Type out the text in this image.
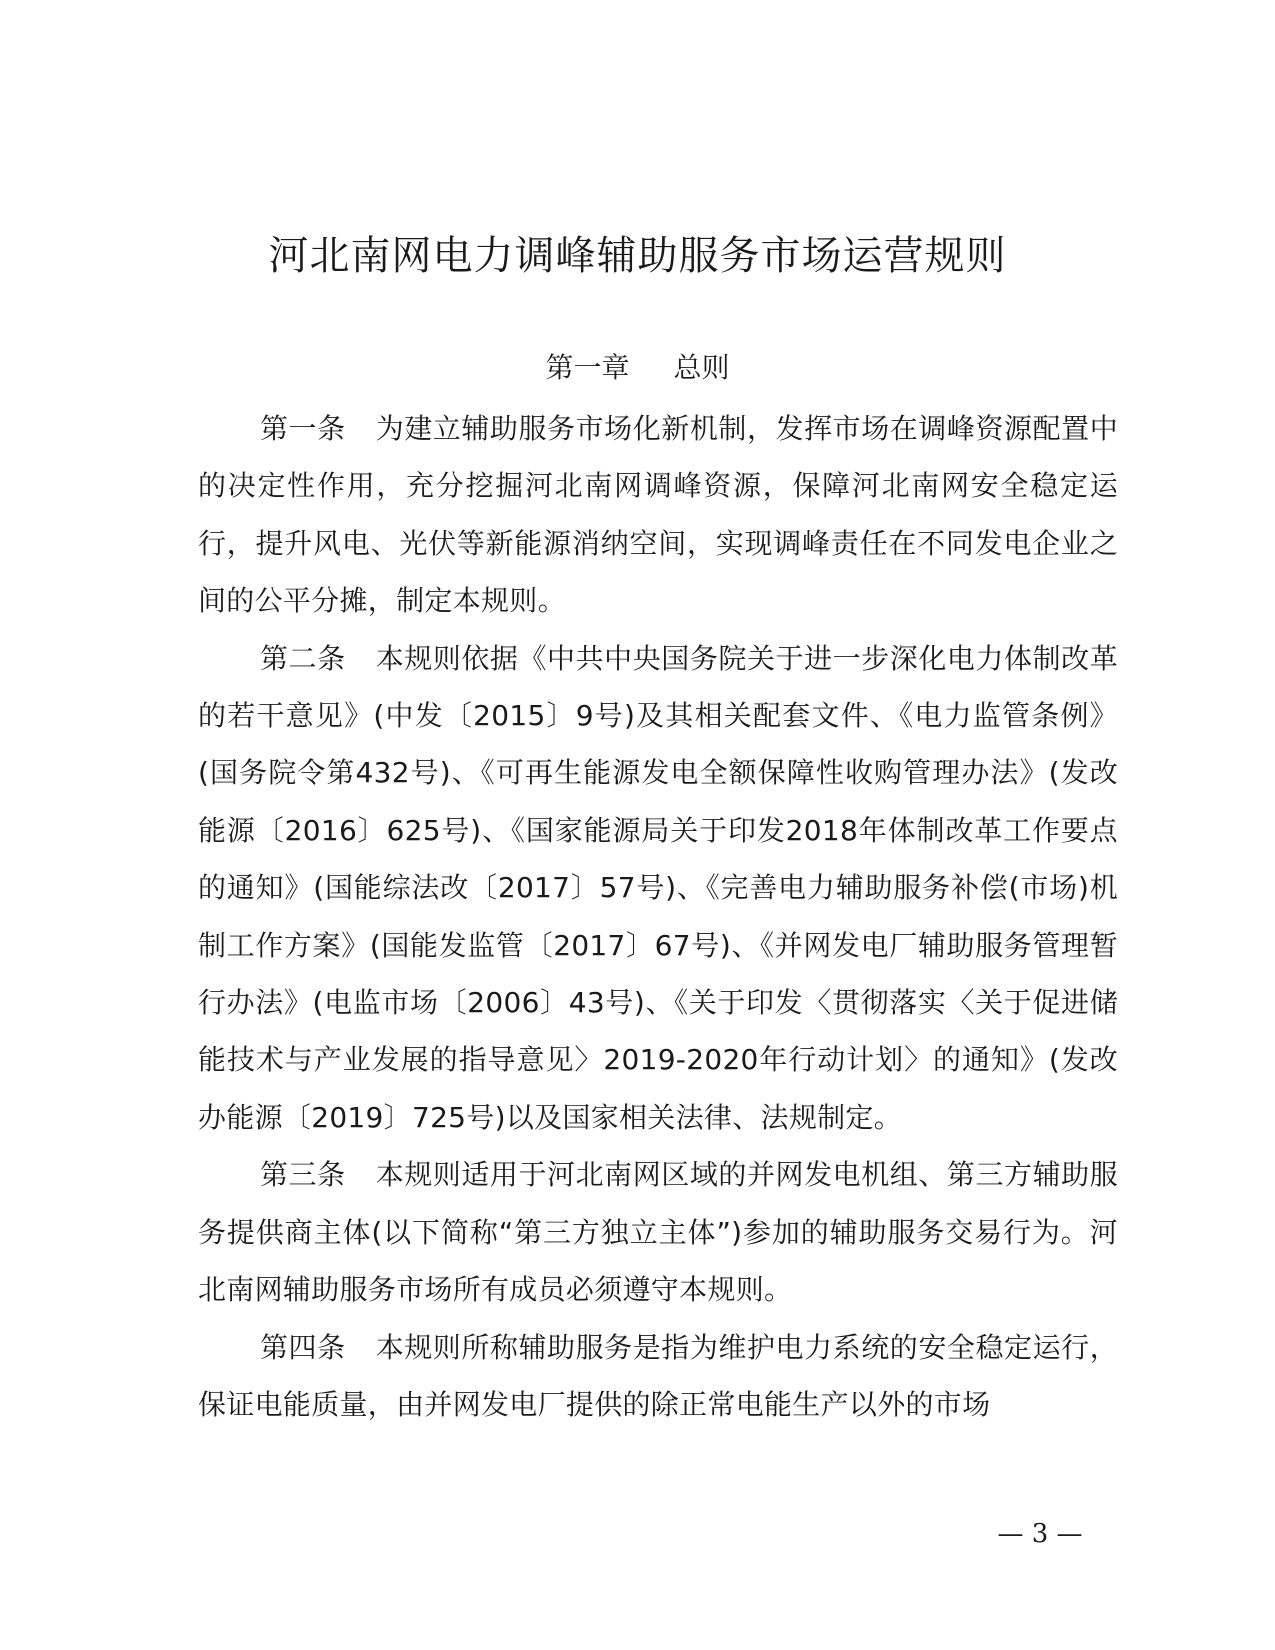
河北南网电力调峰辅助服务市场运营规则
第一章 总则

第一条 为建立辅助服务市场化新机制，发挥市场在调峰资源配置中的决定性作用，充分挖掘河北南网调峰资源，保障河北南网安全稳定运行，提升风电、光伏等新能源消纳空间，实现调峰责任在不同发电企业之间的公平分摊，制定本规则。

第二条 本规则依据《中共中央国务院关于进一步深化电力体制改革的若干意见》(中发〔2015〕9号)及其相关配套文件、《电力监管条例》(国务院令第432号)、《可再生能源发电全额保障性收购管理办法》(发改能源〔2016〕625号)、《国家能源局关于印发2018年体制改革工作要点的通知》(国能综法改〔2017〕57号)、《完善电力辅助服务补偿(市场)机制工作方案》(国能发监管〔2017〕67号)、《并网发电厂辅助服务管理暂行办法》(电监市场〔2006〕43号)、《关于印发〈贯彻落实〈关于促进储能技术与产业发展的指导意见〉2019-2020年行动计划〉的通知》(发改办能源〔2019〕725号)以及国家相关法律、法规制定。

第三条 本规则适用于河北南网区域的并网发电机组、第三方辅助服务提供商主体(以下简称“第三方独立主体”)参加的辅助服务交易行为。河北南网辅助服务市场所有成员必须遵守本规则。

第四条 本规则所称辅助服务是指为维护电力系统的安全稳定运行，保证电能质量，由并网发电厂提供的除正常电能生产以外的市场

— 3 —
